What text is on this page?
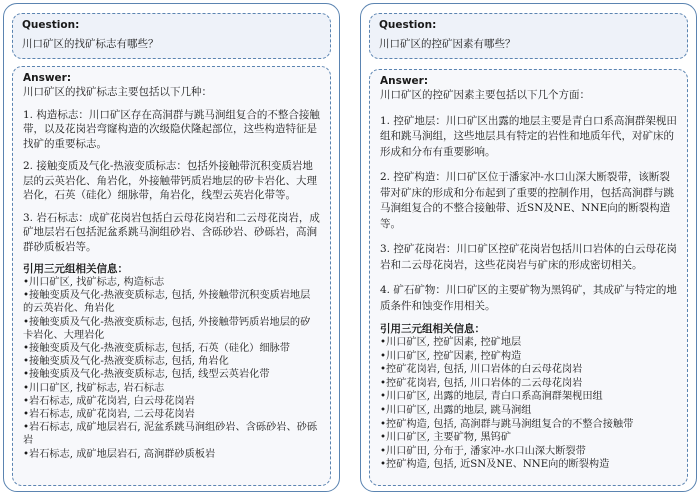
Question:
川口矿区的找矿标志有哪些？
Answer:
川口矿区的找矿标志主要包括以下几种：
1. 构造标志：川口矿区存在高洞群与跳马涧组复合的不整合接触带，以及花岗岩弯窿构造的次级隐伏隆起部位，这些构造特征是找矿的重要标志。
2. 接触变质及气化-热液变质标志：包括外接触带沉积变质岩地层的云英岩化、角岩化，外接触带钙质岩地层的矽卡岩化、大理岩化，石英（硅化）细脉带，角岩化，线型云英岩化带等。
3. 岩石标志：成矿花岗岩包括白云母花岗岩和二云母花岗岩，成矿地层岩石包括泥盆系跳马涧组砂岩、含砾砂岩、砂砾岩，高涧群砂质板岩等。
引用三元组相关信息：
•川口矿区, 找矿标志, 构造标志
•接触变质及气化-热液变质标志, 包括, 外接触带沉积变质岩地层的云英岩化、角岩化
•接触变质及气化-热液变质标志, 包括, 外接触带钙质岩地层的矽卡岩化、大理岩化
•接触变质及气化-热液变质标志, 包括, 石英（硅化）细脉带
•接触变质及气化-热液变质标志, 包括, 角岩化
•接触变质及气化-热液变质标志, 包括, 线型云英岩化带
•川口矿区, 找矿标志, 岩石标志
•岩石标志, 成矿花岗岩, 白云母花岗岩
•岩石标志, 成矿花岗岩, 二云母花岗岩
•岩石标志, 成矿地层岩石, 泥盆系跳马涧组砂岩、含砾砂岩、砂砾岩
•岩石标志, 成矿地层岩石, 高涧群砂质板岩
Question:
川口矿区的控矿因素有哪些？
Answer:
川口矿区的控矿因素主要包括以下几个方面：
1. 控矿地层：川口矿区出露的地层主要是青白口系高涧群架枧田组和跳马涧组，这些地层具有特定的岩性和地质年代，对矿床的形成和分布有重要影响。
2. 控矿构造：川口矿区位于潘家冲-水口山深大断裂带，该断裂带对矿床的形成和分布起到了重要的控制作用，包括高涧群与跳马涧组复合的不整合接触带、近SN及NE、NNE向的断裂构造等。
3. 控矿花岗岩：川口矿区控矿花岗岩包括川口岩体的白云母花岗岩和二云母花岗岩，这些花岗岩与矿床的形成密切相关。
4. 矿石矿物：川口矿区的主要矿物为黑钨矿，其成矿与特定的地质条件和蚀变作用相关。
引用三元组相关信息：
•川口矿区, 控矿因素, 控矿地层
•川口矿区, 控矿因素, 控矿构造
•控矿花岗岩, 包括, 川口岩体的白云母花岗岩
•控矿花岗岩, 包括, 川口岩体的二云母花岗岩
•川口矿区, 出露的地层, 青白口系高涧群架枧田组
•川口矿区, 出露的地层, 跳马涧组
•控矿构造, 包括, 高涧群与跳马涧组复合的不整合接触带
•川口矿区, 主要矿物, 黑钨矿
•川口矿田, 分布于, 潘家冲-水口山深大断裂带
•控矿构造, 包括, 近SN及NE、NNE向的断裂构造
